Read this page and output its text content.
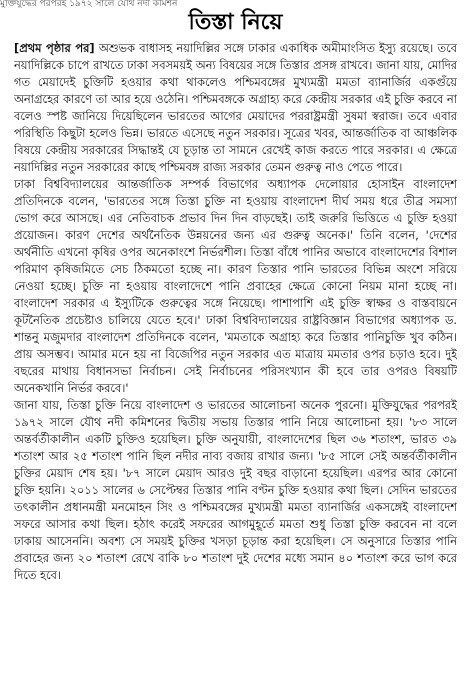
মুক্তিযুদ্ধের পরপরই ১৯৭২ সালে যৌথ নদী কমিশন
তিস্তা নিয়ে

[প্রথম পৃষ্ঠার পর] অশুভক বাধাসহ নয়াদিল্লির সঙ্গে ঢাকার একাধিক অমীমাংসিত ইস্যু রয়েছে। তবে নয়াদিল্লিকে চাপে রাখতে ঢাকা সবসময়ই অন্য বিষয়ের সঙ্গে তিস্তার প্রসঙ্গ রাখবে। জানা যায়, মোদির গত মেয়াদেই চুক্তিটি হওয়ার কথা থাকলেও পশ্চিমবঙ্গের মুখ্যমন্ত্রী মমতা ব্যানার্জির একগুঁয়ে অনাগ্রহের কারণে তা আর হয়ে ওঠেনি। পশ্চিমবঙ্গকে অগ্রাহ্য করে কেন্দ্রীয় সরকার এই চুক্তি করবে না বলেও স্পষ্ট জানিয়ে দিয়েছিলেন ভারতের আগের মেয়াদের পররাষ্ট্রমন্ত্রী সুষমা স্বরাজ। তবে এবার পরিস্থিতি কিছুটা হলেও ভিন্ন। ভারতে এসেছে নতুন সরকার। সূত্রের খবর, আন্তর্জাতিক বা আঞ্চলিক বিষয়ে কেন্দ্রীয় সরকারের সিদ্ধান্তই যে চূড়ান্ত তা সামনে রেখেই কাজ করতে পারে সরকার। এ ক্ষেত্রে নয়াদিল্লির নতুন সরকারের কাছে পশ্চিমবঙ্গ রাজ্য সরকার তেমন গুরুত্ব নাও পেতে পারে।

ঢাকা বিশ্ববিদ্যালয়ের আন্তর্জাতিক সম্পর্ক বিভাগের অধ্যাপক দেলোয়ার হোসাইন বাংলাদেশ প্রতিদিনকে বলেন, 'ভারতের সঙ্গে তিস্তা চুক্তি না হওয়ায় বাংলাদেশ দীর্ঘ সময় ধরে তীব্র সমস্যা ভোগ করে আসছে। এর নেতিবাচক প্রভাব দিন দিন বাড়ছেই। তাই জরুরি ভিত্তিতে এ চুক্তি হওয়া প্রয়োজন। কারণ দেশের অর্থনৈতিক উন্নয়নের জন্য এর গুরুত্ব অনেক।' তিনি বলেন, 'দেশের অর্থনীতি এখনো কৃষির ওপর অনেকাংশে নির্ভরশীল। তিস্তা বাঁধে পানির অভাবে বাংলাদেশের বিশাল পরিমাণ কৃষিজমিতে সেচ ঠিকমতো হচ্ছে না। কারণ তিস্তার পানি ভারতের বিভিন্ন অংশে সরিয়ে নেওয়া হচ্ছে। চুক্তি না হওয়ায় বাংলাদেশে পানি প্রবাহের ক্ষেত্রে কোনো নিয়ম মানা হচ্ছে না। বাংলাদেশ সরকার এ ইস্যুটিকে গুরুত্বের সঙ্গে নিয়েছে। পাশাপাশি এই চুক্তি স্বাক্ষর ও বাস্তবায়নে কূটনৈতিক প্রচেষ্টাও চালিয়ে যেতে হবে।' ঢাকা বিশ্ববিদ্যালয়ের রাষ্ট্রবিজ্ঞান বিভাগের অধ্যাপক ড. শান্তনু মজুমদার বাংলাদেশ প্রতিদিনকে বলেন, 'মমতাকে অগ্রাহ্য করে তিস্তার পানিচুক্তি খুব কঠিন। প্রায় অসম্ভব। আমার মনে হয় না বিজেপির নতুন সরকার এত মাত্রায় মমতার ওপর চড়াও হবে। দুই বছরের মাথায় বিধানসভা নির্বাচন। সেই নির্বাচনের পরিসংখ্যান কী হবে তার ওপরও বিষয়টি অনেকখানি নির্ভর করবে।'

জানা যায়, তিস্তা চুক্তি নিয়ে বাংলাদেশ ও ভারতের আলোচনা অনেক পুরনো। মুক্তিযুদ্ধের পরপরই ১৯৭২ সালে যৌথ নদী কমিশনের দ্বিতীয় সভায় তিস্তার পানি নিয়ে আলোচনা হয়। '৮৩ সালে অন্তর্বর্তীকালীন একটি চুক্তিও হয়েছিল। চুক্তি অনুযায়ী, বাংলাদেশের ছিল ৩৬ শতাংশ, ভারত ৩৯ শতাংশ আর ২৫ শতাংশ পানি ছিল নদীর নাব্য বজায় রাখার জন্য। '৮৫ সালে সেই অন্তর্বর্তীকালীন চুক্তির মেয়াদ শেষ হয়। '৮৭ সালে মেয়াদ আরও দুই বছর বাড়ানো হয়েছিল। এরপর আর কোনো চুক্তি হয়নি। ২০১১ সালের ৬ সেপ্টেম্বর তিস্তার পানি বণ্টন চুক্তি হওয়ার কথা ছিল। সেদিন ভারতের তৎকালীন প্রধানমন্ত্রী মনমোহন সিং ও পশ্চিমবঙ্গের মুখ্যমন্ত্রী মমতা ব্যানার্জির একসঙ্গেই বাংলাদেশ সফরে আসার কথা ছিল। হঠাৎ করেই সফরের আগমুহূর্তে মমতা শুধু তিস্তা চুক্তি করবেন না বলে ঢাকায় আসেননি। অবশ্য সে সময়ই চুক্তির খসড়া চূড়ান্ত করা হয়েছিল। সে অনুসারে তিস্তার পানি প্রবাহের জন্য ২০ শতাংশ রেখে বাকি ৮০ শতাংশ দুই দেশের মধ্যে সমান ৪০ শতাংশ করে ভাগ করে দিতে হবে।
